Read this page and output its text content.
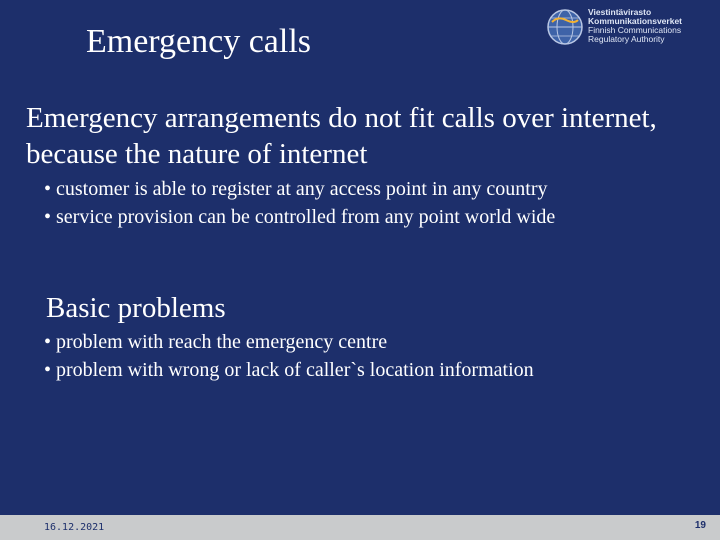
Emergency calls
Viestintävirasto
Kommunikationsverket
Finnish Communications
Regulatory Authority
Emergency arrangements do not fit calls over internet,
because the nature of internet
• customer is able to register at any access point in any country
• service provision can be controlled from any point world wide
Basic problems
• problem with reach the emergency centre
• problem with wrong or lack of caller`s location information
16.12.2021	19
